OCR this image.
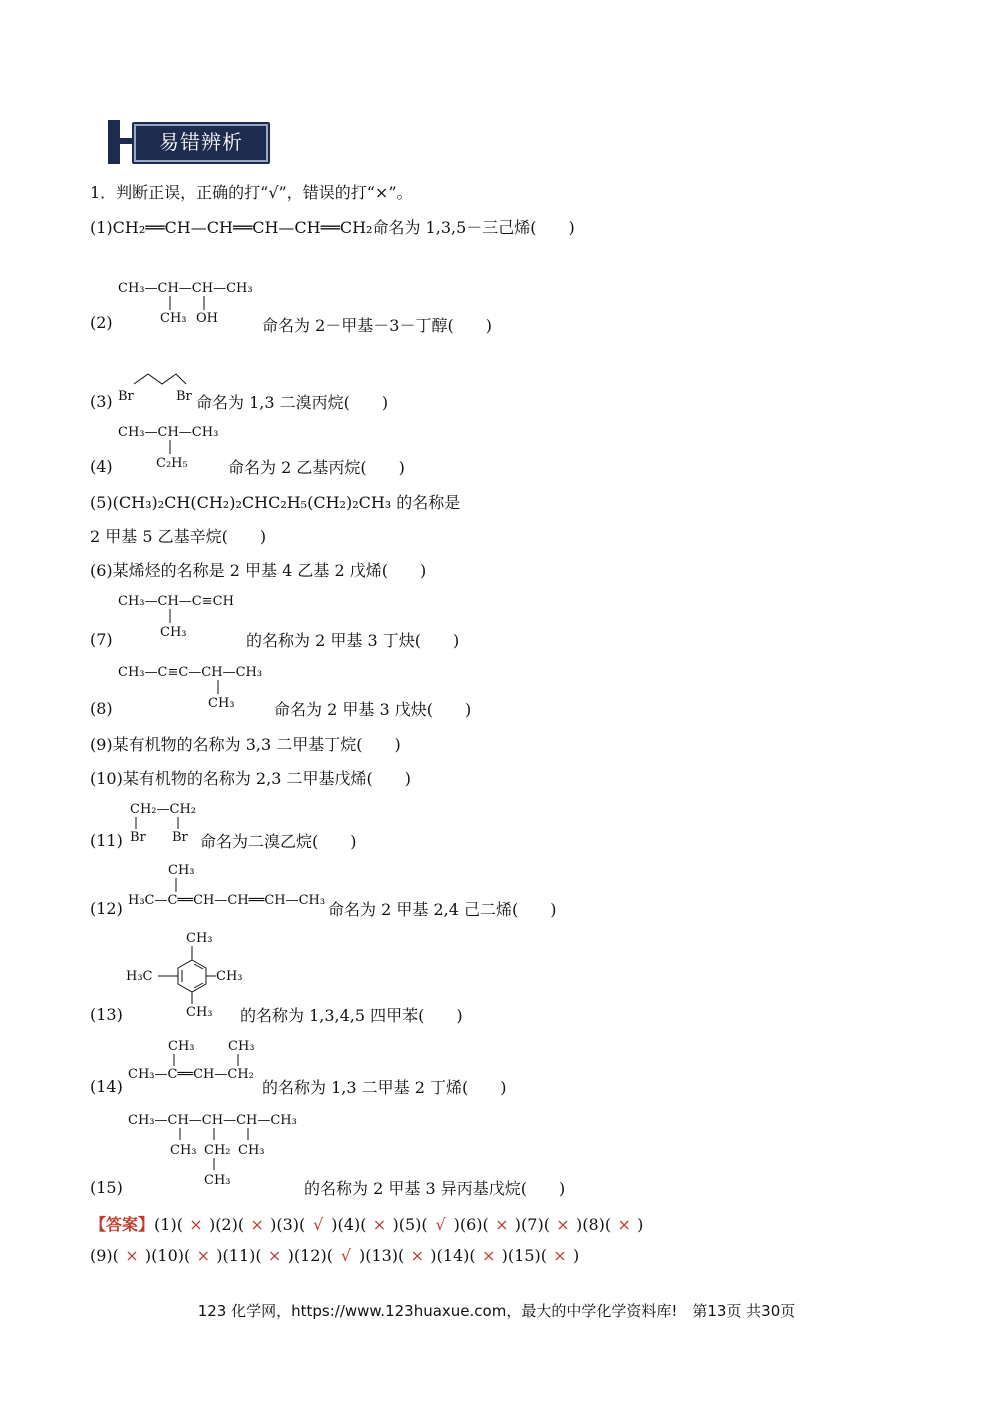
易错辨析
1．判断正误，正确的打“√”，错误的打“×”。
(1)CH₂══CH—CH══CH—CH══CH₂命名为 1,3,5－三己烯(　　)
CH₃—CH—CH—CH₃
CH₃ OH
(2)	命名为 2－甲基－3－丁醇(　　)
Br	Br
(3)	命名为 1,3 二溴丙烷(　　)
CH₃—CH—CH₃
C₂H₅
(4)	命名为 2 乙基丙烷(　　)
(5)(CH₃)₂CH(CH₂)₂CHC₂H₅(CH₂)₂CH₃ 的名称是
2 甲基 5 乙基辛烷(　　)
(6)某烯烃的名称是 2 甲基 4 乙基 2 戊烯(　　)
CH₃—CH—C≡CH
CH₃
(7)	的名称为 2 甲基 3 丁炔(　　)
CH₃—C≡C—CH—CH₃
CH₃
(8)	命名为 2 甲基 3 戊炔(　　)
(9)某有机物的名称为 3,3 二甲基丁烷(　　)
(10)某有机物的名称为 2,3 二甲基戊烯(　　)
CH₂—CH₂
Br Br
(11)	命名为二溴乙烷(　　)
CH₃
H₃C—C══CH—CH══CH—CH₃
(12)	命名为 2 甲基 2,4 己二烯(　　)
CH₃
H₃C	CH₃
CH₃
(13)	的名称为 1,3,4,5 四甲苯(　　)
CH₃	CH₃
CH₃—C══CH—CH₂
(14)	的名称为 1,3 二甲基 2 丁烯(　　)
CH₃—CH—CH—CH—CH₃
CH₃ CH₂ CH₃
CH₃
(15)	的名称为 2 甲基 3 异丙基戊烷(　　)
【答案】(1)( × )(2)( × )(3)( √ )(4)( × )(5)( √ )(6)( × )(7)( × )(8)( × )
(9)( × )(10)( × )(11)( × )(12)( √ )(13)( × )(14)( × )(15)( × )
123 化学网，https://www.123huaxue.com，最大的中学化学资料库!　第13页 共30页
